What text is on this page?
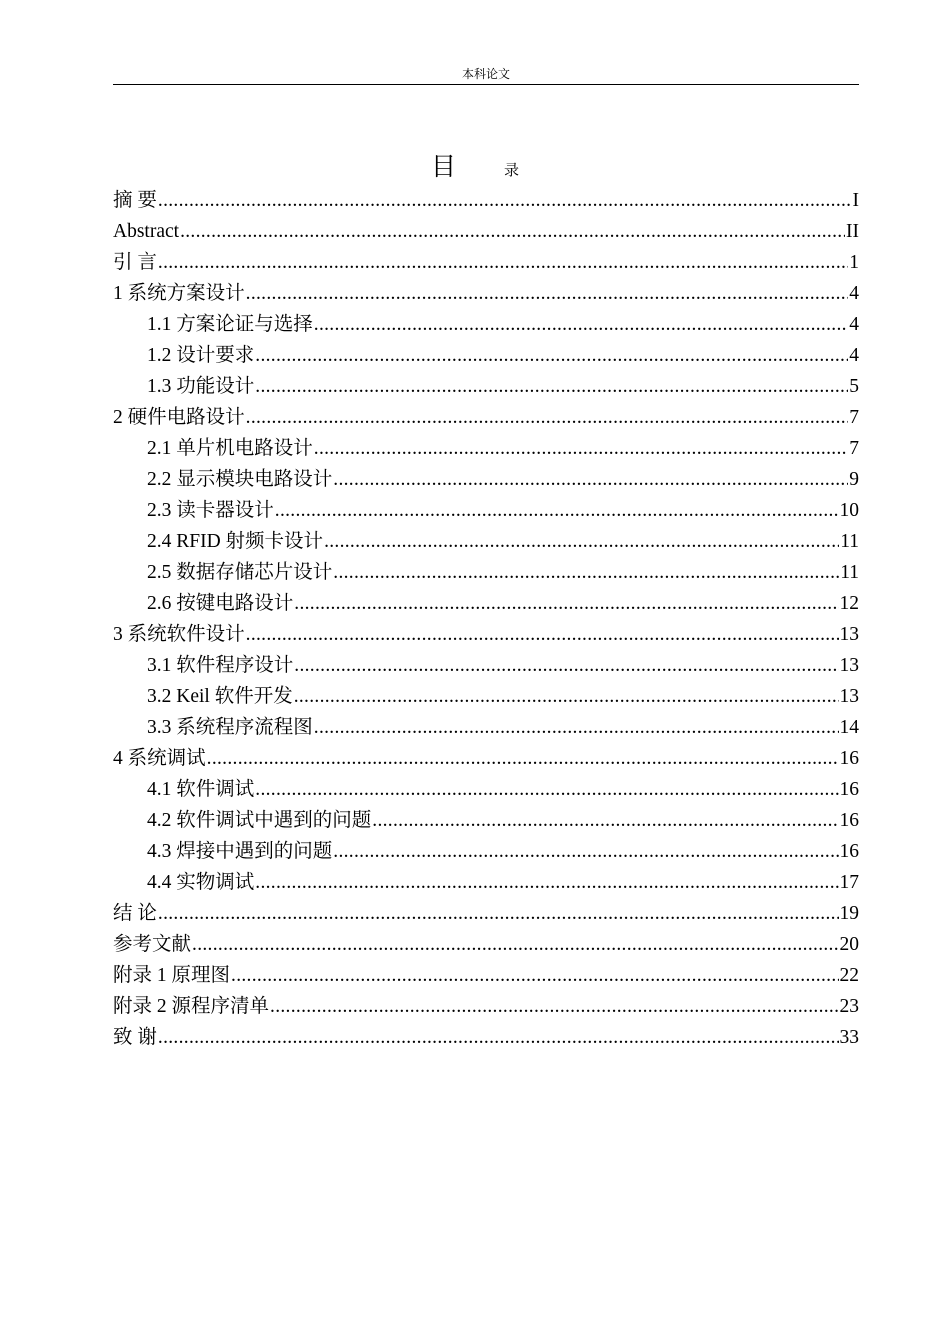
本科论文
目	录
摘 要 .....	I
Abstract .....	II
引 言 .....	1
1 系统方案设计 .....	4
1.1 方案论证与选择 .....	4
1.2 设计要求 .....	4
1.3 功能设计 .....	5
2 硬件电路设计 .....	7
2.1 单片机电路设计 .....	7
2.2 显示模块电路设计 .....	9
2.3 读卡器设计 .....	10
2.4 RFID 射频卡设计 .....	11
2.5 数据存储芯片设计 .....	11
2.6 按键电路设计 .....	12
3 系统软件设计 .....	13
3.1 软件程序设计 .....	13
3.2 Keil 软件开发 .....	13
3.3 系统程序流程图 .....	14
4 系统调试 .....	16
4.1 软件调试 .....	16
4.2 软件调试中遇到的问题 .....	16
4.3 焊接中遇到的问题 .....	16
4.4 实物调试 .....	17
结 论 .....	19
参考文献 .....	20
附录 1 原理图 .....	22
附录 2 源程序清单 .....	23
致 谢 .....	33
